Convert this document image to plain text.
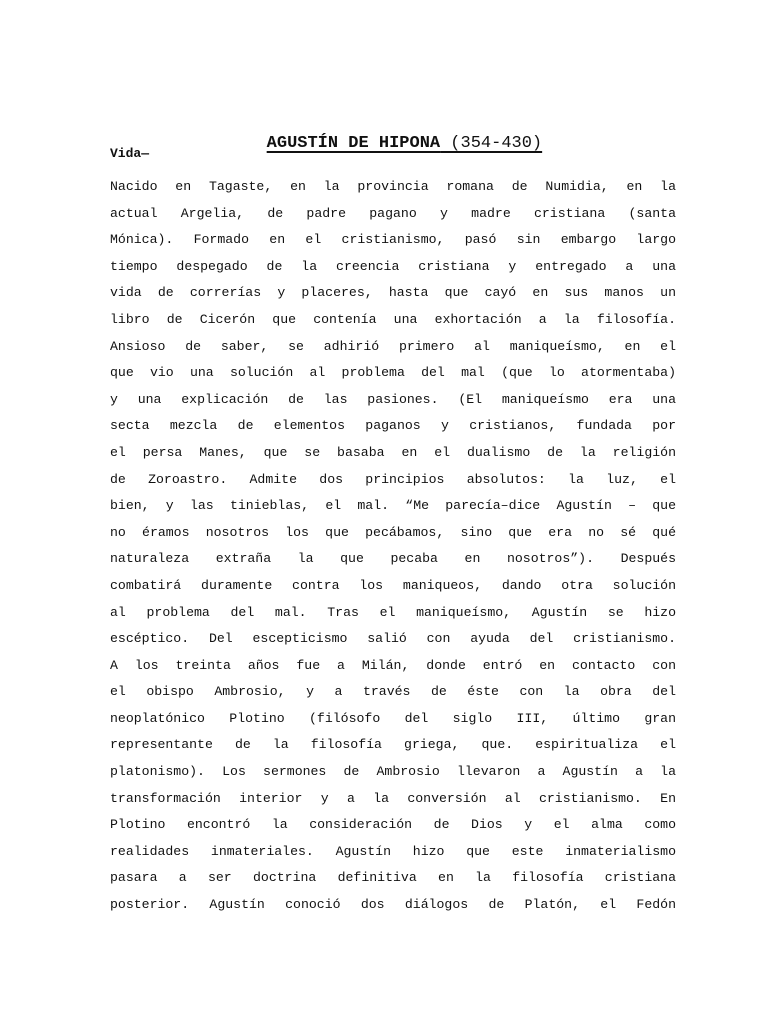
AGUSTÍN DE HIPONA (354-430)

Vida—
Nacido en Tagaste, en la provincia romana de Numidia, en la
actual Argelia, de padre pagano y madre cristiana (santa
Mónica). Formado en el cristianismo, pasó sin embargo largo
tiempo despegado de la creencia cristiana y entregado a una
vida de correrías y placeres, hasta que cayó en sus manos un
libro de Cicerón que contenía una exhortación a la filosofía.
Ansioso de saber, se adhirió primero al maniqueísmo, en el
que vio una solución al problema del mal (que lo atormentaba)
y una explicación de las pasiones. (El maniqueísmo era una
secta mezcla de elementos paganos y cristianos, fundada por
el persa Manes, que se basaba en el dualismo de la religión
de Zoroastro. Admite dos principios absolutos: la luz, el
bien, y las tinieblas, el mal. “Me parecía–dice Agustín – que
no éramos nosotros los que pecábamos, sino que era no sé qué
naturaleza extraña la que pecaba en nosotros”). Después
combatirá duramente contra los maniqueos, dando otra solución
al problema del mal. Tras el maniqueísmo, Agustín se hizo
escéptico. Del escepticismo salió con ayuda del cristianismo.
A los treinta años fue a Milán, donde entró en contacto con
el obispo Ambrosio, y a través de éste con la obra del
neoplatónico Plotino (filósofo del siglo III, último gran
representante de la filosofía griega, que. espiritualiza el
platonismo). Los sermones de Ambrosio llevaron a Agustín a la
transformación interior y a la conversión al cristianismo. En
Plotino encontró la consideración de Dios y el alma como
realidades inmateriales. Agustín hizo que este inmaterialismo
pasara a ser doctrina definitiva en la filosofía cristiana
posterior. Agustín conoció dos diálogos de Platón, el Fedón
